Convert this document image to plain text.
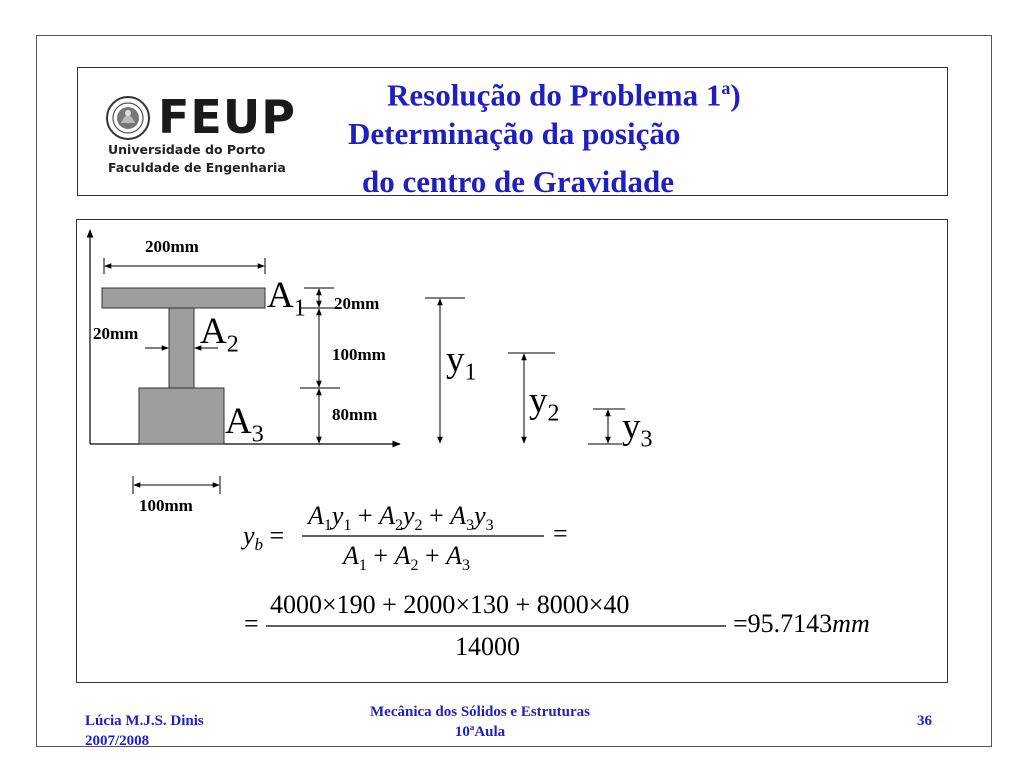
FEUP
Universidade do Porto
Faculdade de Engenharia
Resolução do Problema 1$^a$)
Determinação da posição
do centro de Gravidade
200mm
20mm
100mm
20mm
100mm
80mm
$A_1$
$A_2$
$A_3$
$y_1$
$y_2$ $y_3$
$y_b$ =
$A_1y_1 + A_2y_2 + A_3y_3$
$A_1 + A_2 + A_3$
=
=
4000×190 + 2000×130 + 8000×40
14000
=95.7143mm
Lúcia M.J.S. Dinis
2007/2008
Mecânica dos Sólidos e Estruturas
10ªAula
36
